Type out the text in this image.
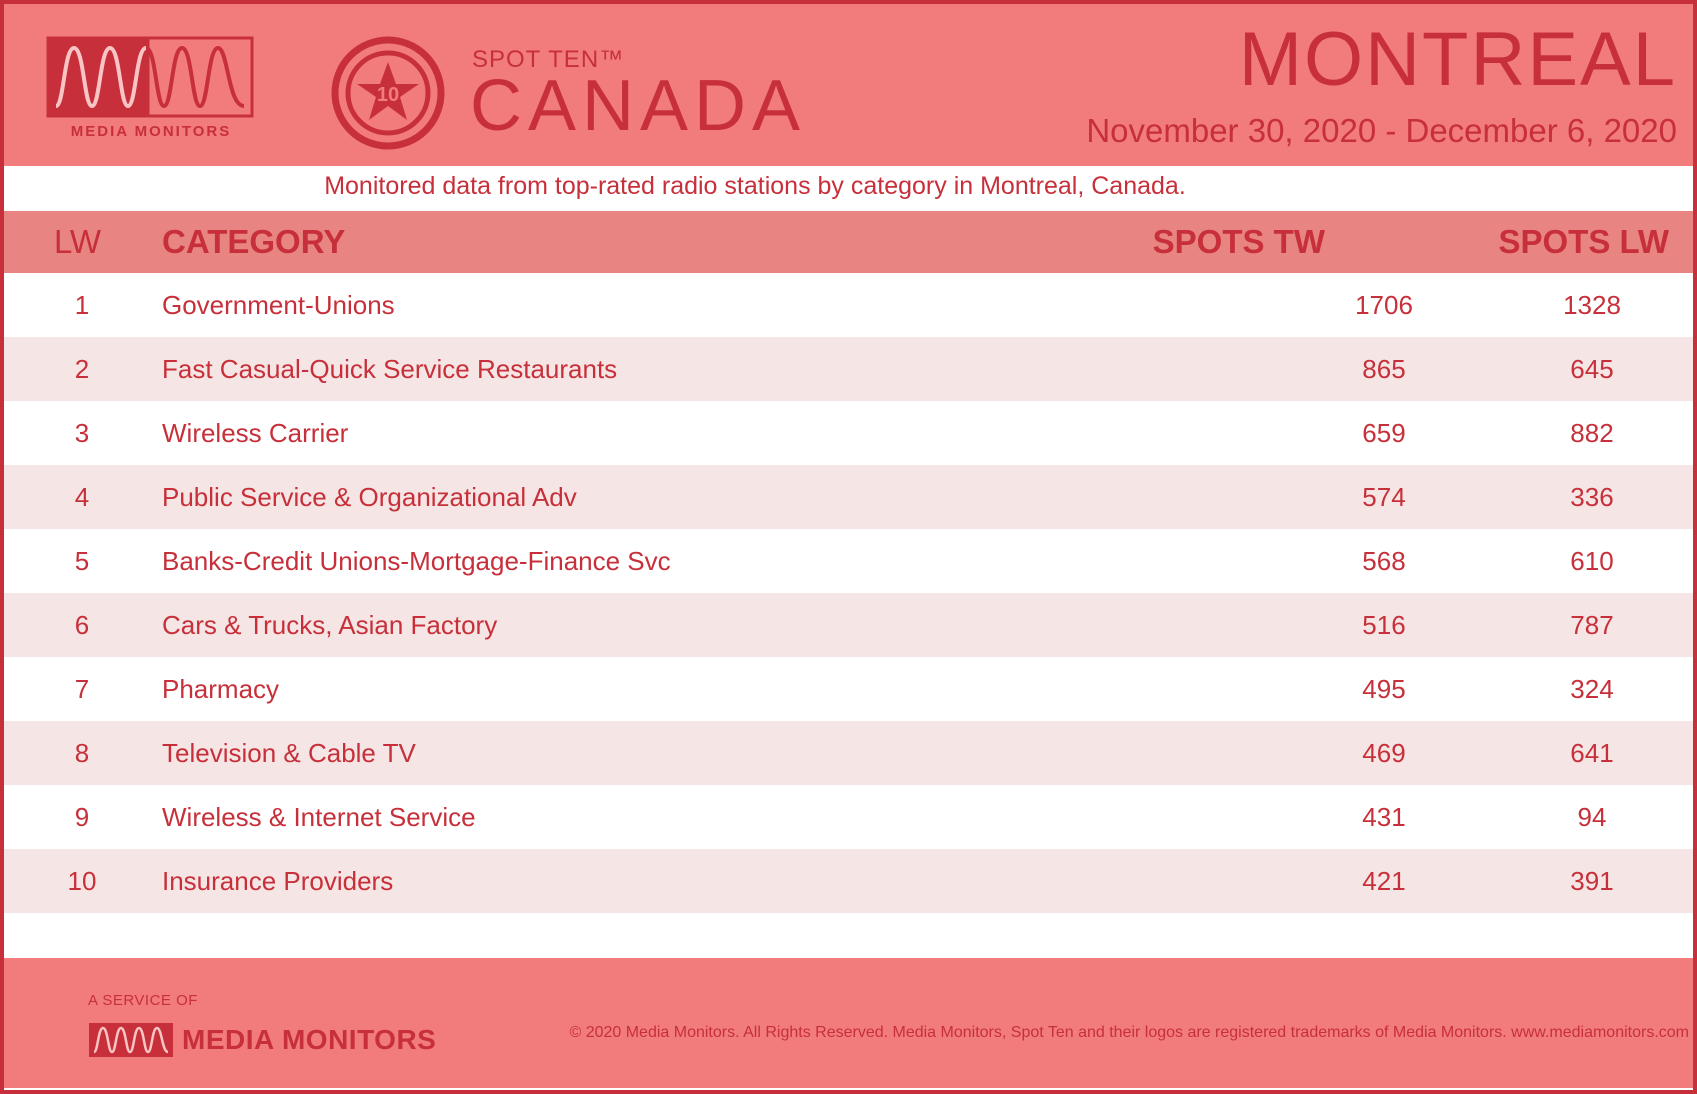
MEDIA MONITORS
10
SPOT TEN™
CANADA
MONTREAL
November 30, 2020 - December 6, 2020
Monitored data from top-rated radio stations by category in Montreal, Canada.
LW CATEGORY	SPOTS TW	SPOTS LW
1	Government-Unions	1706	1328
2	Fast Casual-Quick Service Restaurants	865	645
3	Wireless Carrier	659	882
4	Public Service & Organizational Adv	574	336
5	Banks-Credit Unions-Mortgage-Finance Svc	568	610
6	Cars & Trucks, Asian Factory	516	787
7	Pharmacy	495	324
8	Television & Cable TV	469	641
9	Wireless & Internet Service	431	94
10	Insurance Providers	421	391
A SERVICE OF
MEDIA MONITORS	© 2020 Media Monitors. All Rights Reserved. Media Monitors, Spot Ten and their logos are registered trademarks of Media Monitors. www.mediamonitors.com
